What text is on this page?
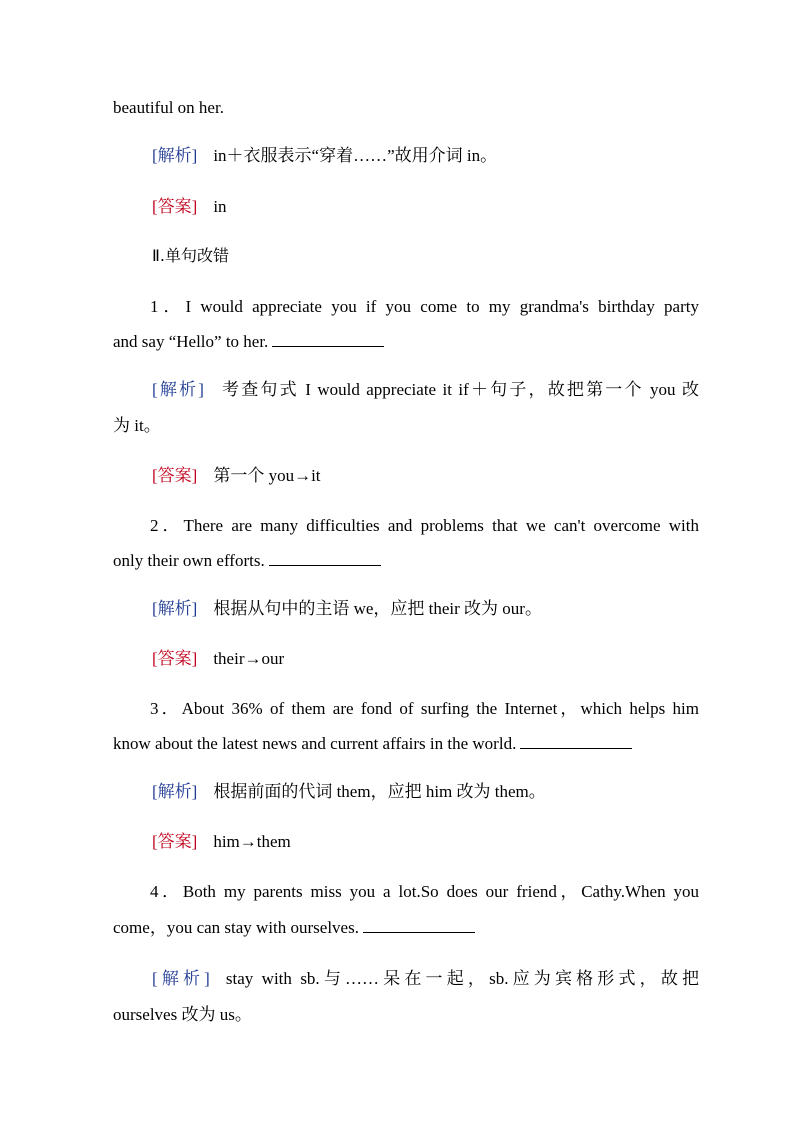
beautiful on her.
[解析] in＋衣服表示“穿着……”故用介词 in。
[答案] in
Ⅱ.单句改错
1．I would appreciate you if you come to my grandma's birthday party
and say “Hello” to her.
[解析] 考查句式 I would appreciate it if＋句子，故把第一个 you 改
为 it。
[答案] 第一个 you→it
2．There are many difficulties and problems that we can't overcome with
only their own efforts.
[解析] 根据从句中的主语 we，应把 their 改为 our。
[答案] their→our
3．About 36% of them are fond of surfing the Internet，which helps him
know about the latest news and current affairs in the world.
[解析] 根据前面的代词 them，应把 him 改为 them。
[答案] him→them
4．Both my parents miss you a lot.So does our friend，Cathy.When you
come，you can stay with ourselves.
[解析] stay with sb.与……呆在一起，sb.应为宾格形式，故把
ourselves 改为 us。
